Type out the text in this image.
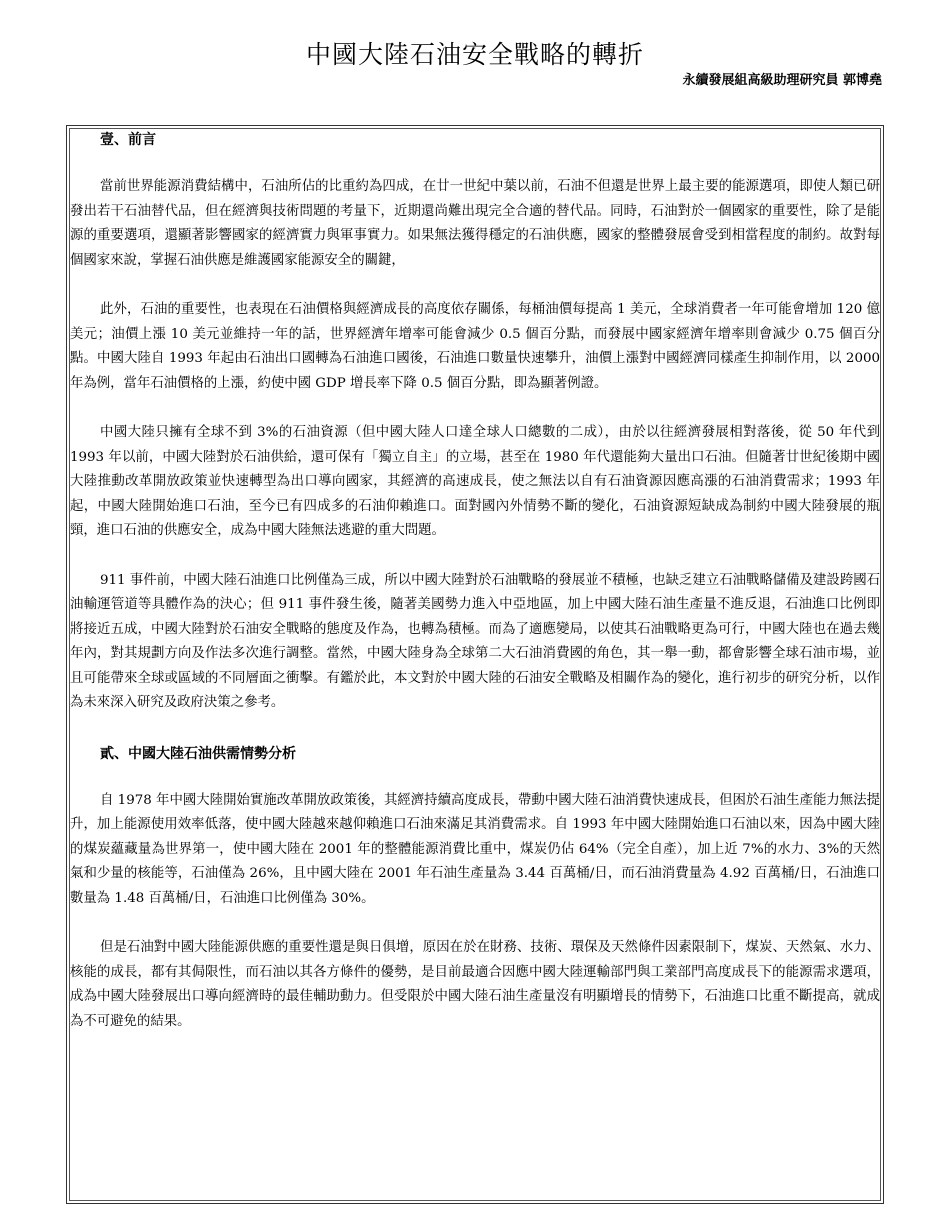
中國大陸石油安全戰略的轉折
永續發展組高級助理研究員 郭博堯
壹、前言

當前世界能源消費結構中，石油所佔的比重約為四成，在廿一世紀中葉以前，石油不但還是世界上最主要的能源選項，即使人類已研發出若干石油替代品，但在經濟與技術問題的考量下，近期還尚難出現完全合適的替代品。同時，石油對於一個國家的重要性，除了是能源的重要選項，還顯著影響國家的經濟實力與軍事實力。如果無法獲得穩定的石油供應，國家的整體發展會受到相當程度的制約。故對每個國家來說，掌握石油供應是維護國家能源安全的關鍵，

此外，石油的重要性，也表現在石油價格與經濟成長的高度依存關係，每桶油價每提高 1 美元，全球消費者一年可能會增加 120 億美元；油價上漲 10 美元並維持一年的話，世界經濟年增率可能會減少 0.5 個百分點，而發展中國家經濟年增率則會減少 0.75 個百分點。中國大陸自 1993 年起由石油出口國轉為石油進口國後，石油進口數量快速攀升，油價上漲對中國經濟同樣產生抑制作用，以 2000 年為例，當年石油價格的上漲，約使中國 GDP 增長率下降 0.5 個百分點，即為顯著例證。

中國大陸只擁有全球不到 3%的石油資源（但中國大陸人口達全球人口總數的二成），由於以往經濟發展相對落後，從 50 年代到 1993 年以前，中國大陸對於石油供給，還可保有「獨立自主」的立場，甚至在 1980 年代還能夠大量出口石油。但隨著廿世紀後期中國大陸推動改革開放政策並快速轉型為出口導向國家，其經濟的高速成長，使之無法以自有石油資源因應高漲的石油消費需求；1993 年起，中國大陸開始進口石油，至今已有四成多的石油仰賴進口。面對國內外情勢不斷的變化，石油資源短缺成為制約中國大陸發展的瓶頸，進口石油的供應安全，成為中國大陸無法逃避的重大問題。

911 事件前，中國大陸石油進口比例僅為三成，所以中國大陸對於石油戰略的發展並不積極，也缺乏建立石油戰略儲備及建設跨國石油輸運管道等具體作為的決心；但 911 事件發生後，隨著美國勢力進入中亞地區，加上中國大陸石油生產量不進反退，石油進口比例即將接近五成，中國大陸對於石油安全戰略的態度及作為，也轉為積極。而為了適應變局，以使其石油戰略更為可行，中國大陸也在過去幾年內，對其規劃方向及作法多次進行調整。當然，中國大陸身為全球第二大石油消費國的角色，其一舉一動，都會影響全球石油市場，並且可能帶來全球或區域的不同層面之衝擊。有鑑於此，本文對於中國大陸的石油安全戰略及相關作為的變化，進行初步的研究分析，以作為未來深入研究及政府決策之參考。

貳、中國大陸石油供需情勢分析

自 1978 年中國大陸開始實施改革開放政策後，其經濟持續高度成長，帶動中國大陸石油消費快速成長，但困於石油生產能力無法提升，加上能源使用效率低落，使中國大陸越來越仰賴進口石油來滿足其消費需求。自 1993 年中國大陸開始進口石油以來，因為中國大陸的煤炭蘊藏量為世界第一，使中國大陸在 2001 年的整體能源消費比重中，煤炭仍佔 64%（完全自產），加上近 7%的水力、3%的天然氣和少量的核能等，石油僅為 26%，且中國大陸在 2001 年石油生產量為 3.44 百萬桶/日，而石油消費量為 4.92 百萬桶/日，石油進口數量為 1.48 百萬桶/日，石油進口比例僅為 30%。

但是石油對中國大陸能源供應的重要性還是與日俱增，原因在於在財務、技術、環保及天然條件因素限制下，煤炭、天然氣、水力、核能的成長，都有其侷限性，而石油以其各方條件的優勢，是目前最適合因應中國大陸運輸部門與工業部門高度成長下的能源需求選項，成為中國大陸發展出口導向經濟時的最佳輔助動力。但受限於中國大陸石油生產量沒有明顯增長的情勢下，石油進口比重不斷提高，就成為不可避免的結果。
